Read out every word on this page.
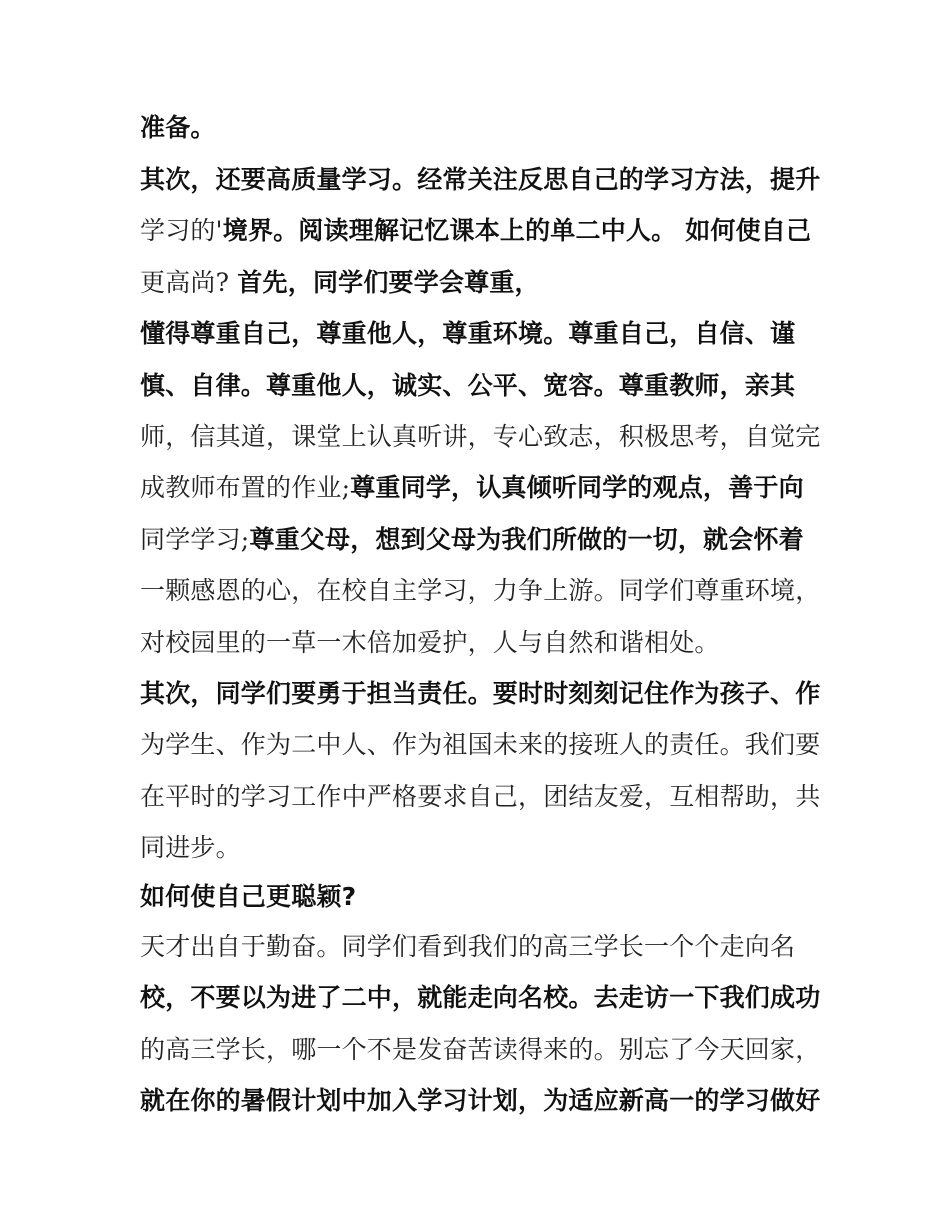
准备。
其次，还要高质量学习。经常关注反思自己的学习方法，提升
学习的'境界。阅读理解记忆课本上的单二中人。 如何使自己
更高尚? 首先，同学们要学会尊重，
懂得尊重自己，尊重他人，尊重环境。尊重自己，自信、谨
慎、自律。尊重他人，诚实、公平、宽容。尊重教师，亲其
师，信其道，课堂上认真听讲，专心致志，积极思考，自觉完
成教师布置的作业;尊重同学，认真倾听同学的观点，善于向
同学学习;尊重父母，想到父母为我们所做的一切，就会怀着
一颗感恩的心，在校自主学习，力争上游。同学们尊重环境，
对校园里的一草一木倍加爱护，人与自然和谐相处。
其次，同学们要勇于担当责任。要时时刻刻记住作为孩子、作
为学生、作为二中人、作为祖国未来的接班人的责任。我们要
在平时的学习工作中严格要求自己，团结友爱，互相帮助，共
同进步。
如何使自己更聪颖?
天才出自于勤奋。同学们看到我们的高三学长一个个走向名
校，不要以为进了二中，就能走向名校。去走访一下我们成功
的高三学长，哪一个不是发奋苦读得来的。别忘了今天回家，
就在你的暑假计划中加入学习计划，为适应新高一的学习做好
